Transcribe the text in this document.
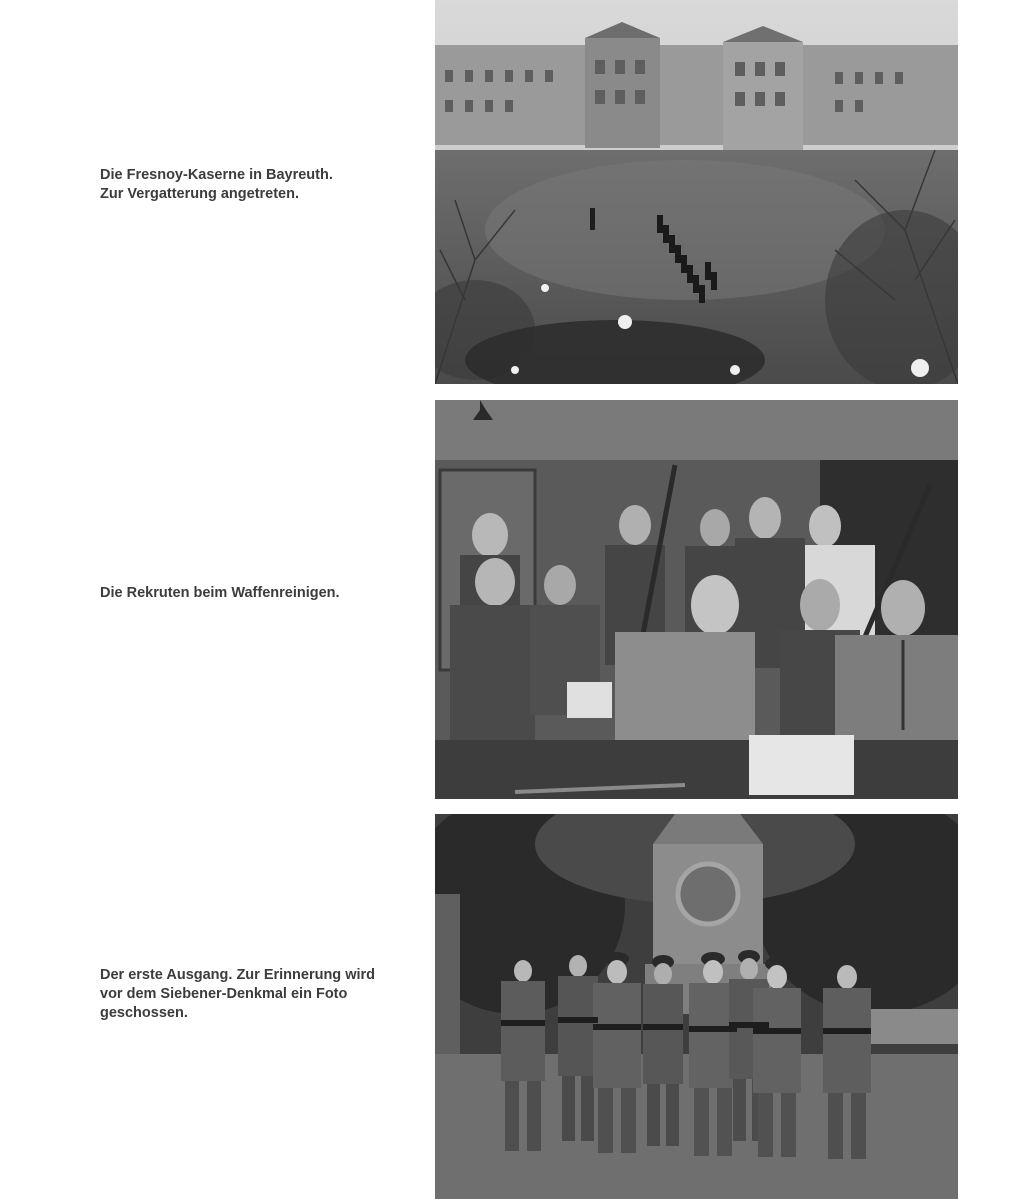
Die Fresnoy-Kaserne in Bayreuth.
Zur Vergatterung angetreten.
Die Rekruten beim Waffenreinigen.
Der erste Ausgang. Zur Erinnerung wird
vor dem Siebener-Denkmal ein Foto
geschossen.
